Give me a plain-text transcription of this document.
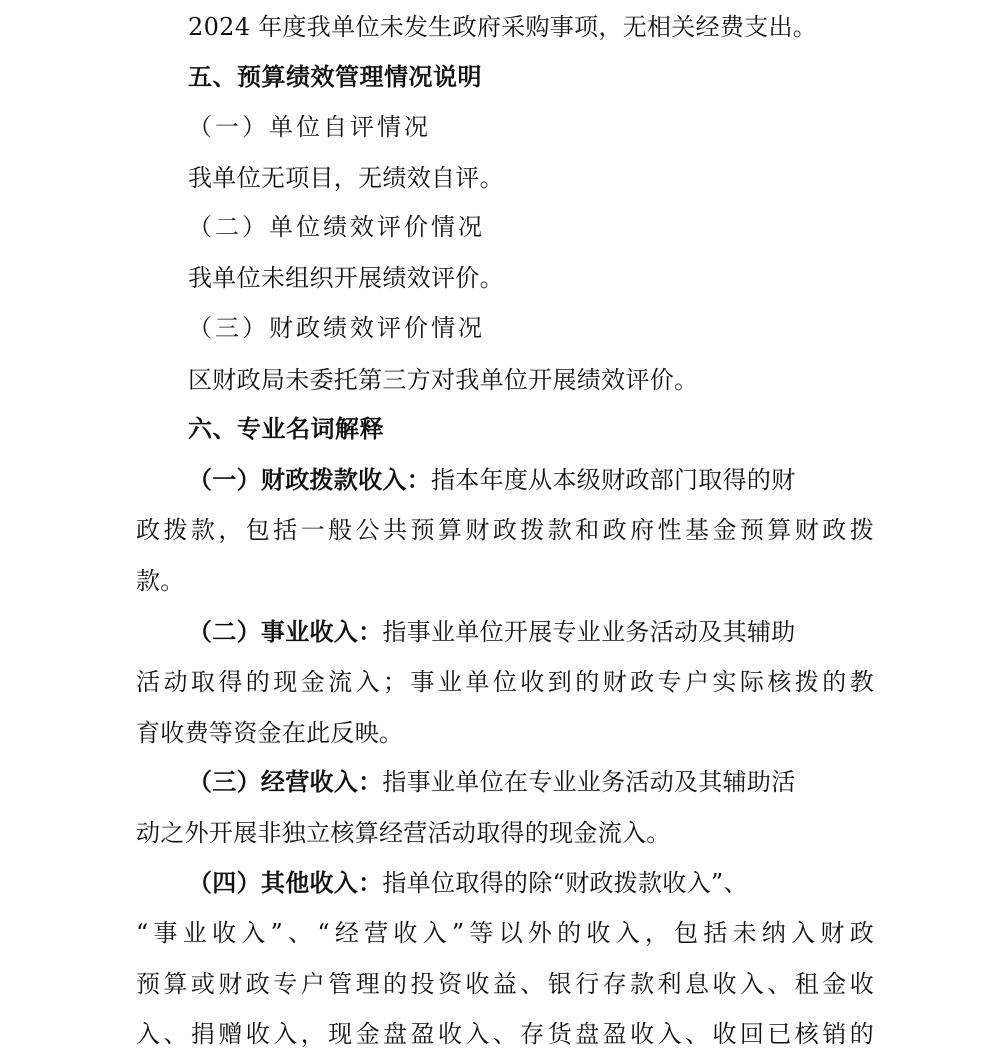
2024 年度我单位未发生政府采购事项，无相关经费支出。
五、预算绩效管理情况说明
（一）单位自评情况
我单位无项目，无绩效自评。
（二）单位绩效评价情况
我单位未组织开展绩效评价。
（三）财政绩效评价情况
区财政局未委托第三方对我单位开展绩效评价。
六、专业名词解释
（一）财政拨款收入：指本年度从本级财政部门取得的财
政拨款，包括一般公共预算财政拨款和政府性基金预算财政拨
款。
（二）事业收入：指事业单位开展专业业务活动及其辅助
活动取得的现金流入；事业单位收到的财政专户实际核拨的教
育收费等资金在此反映。
（三）经营收入：指事业单位在专业业务活动及其辅助活
动之外开展非独立核算经营活动取得的现金流入。
（四）其他收入：指单位取得的除“财政拨款收入”、
“事业收入”、“经营收入”等以外的收入，包括未纳入财政
预算或财政专户管理的投资收益、银行存款利息收入、租金收
入、捐赠收入，现金盘盈收入、存货盘盈收入、收回已核销的
